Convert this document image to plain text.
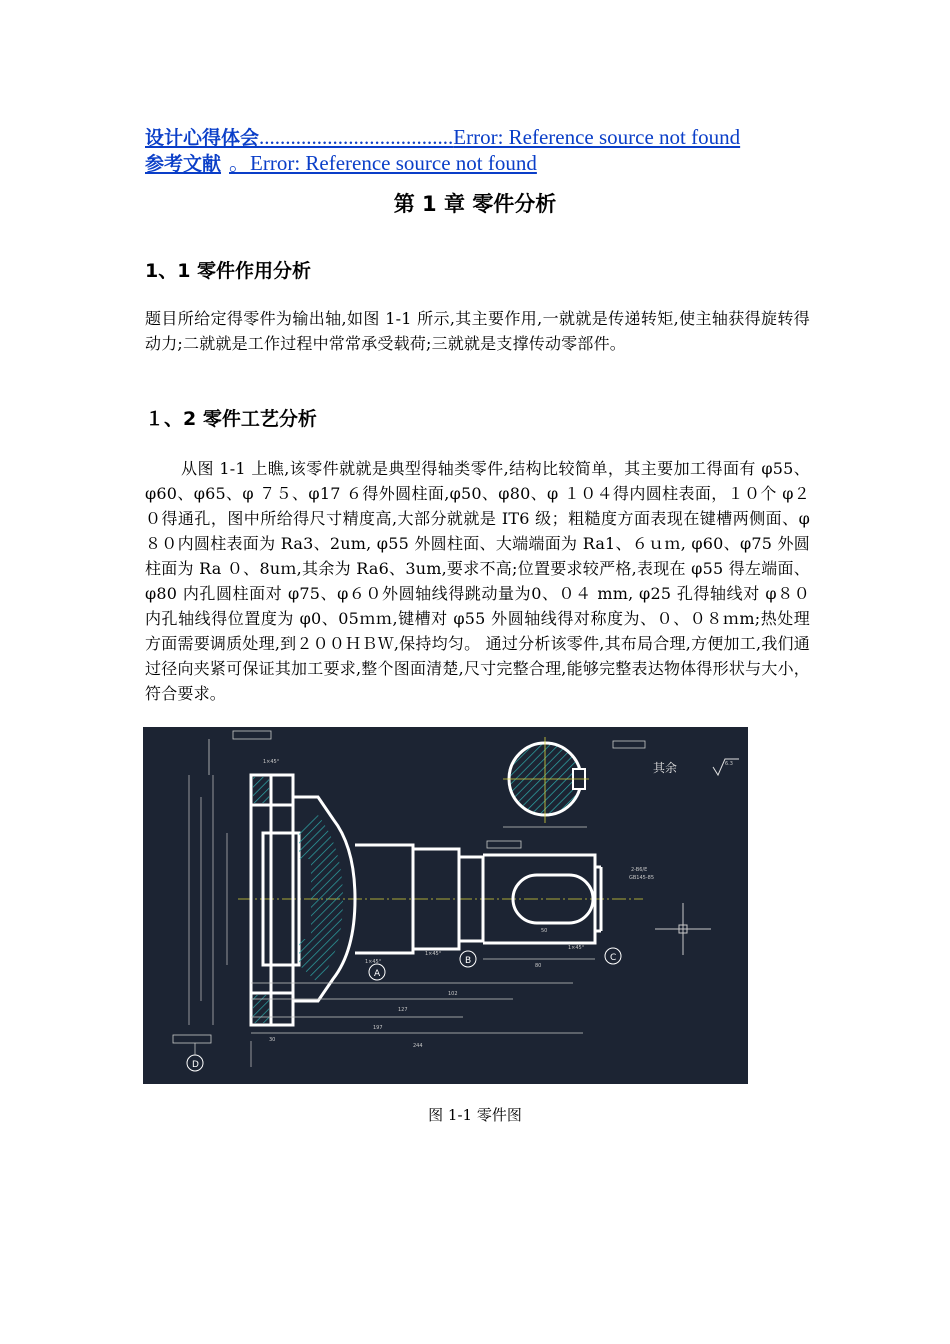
设计心得体会.....................................Error: Reference source not found
参考文献 。Error: Reference source not found
第 1 章 零件分析
1、1 零件作用分析
题目所给定得零件为输出轴,如图 1-1 所示,其主要作用,一就就是传递转矩,使主轴获得旋转得动力;二就就是工作过程中常常承受载荷;三就就是支撑传动零部件。
１、2 零件工艺分析
从图 1-1 上瞧,该零件就就是典型得轴类零件,结构比较简单，其主要加工得面有 φ55、φ60、φ65、φ ７５、φ17 ６得外圆柱面,φ50、φ80、φ １０４得内圆柱表面，１０个 φ２０得通孔，图中所给得尺寸精度高,大部分就就是 IT6 级；粗糙度方面表现在键槽两侧面、φ８０内圆柱表面为 Ra3、2um, φ55 外圆柱面、大端端面为 Ra1、６ｕｍ, φ60、φ75 外圆柱面为 Ra ０、8uｍ,其余为 Ra6、3um,要求不高;位置要求较严格,表现在 φ55 得左端面、φ80 内孔圆柱面对 φ75、φ６０外圆轴线得跳动量为0、０４ mm, φ25 孔得轴线对 φ８０内孔轴线得位置度为 φ0、05ｍｍ,键槽对 φ55 外圆轴线得对称度为、０、０８ｍm;热处理方面需要调质处理,到２００ＨＢＷ,保持均匀。 通过分析该零件,其布局合理,方便加工,我们通过径向夹紧可保证其加工要求,整个图面清楚,尺寸完整合理,能够完整表达物体得形状与大小，符合要求。
244
197
127
102
80
50
30
1×45°
1×45°
1×45°
1×45°
2-B6/E
GB145-85
其余	6.3
A
B	C
D
图 1-1 零件图
